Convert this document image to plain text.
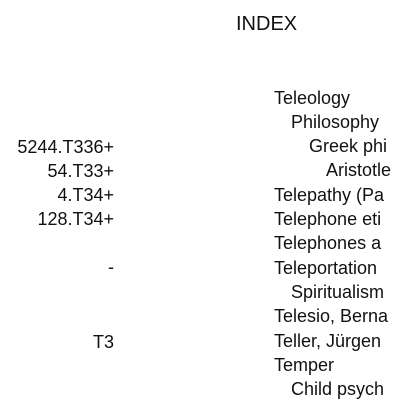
INDEX
5244.T336+
54.T33+
4.T34+
128.T34+
-
T3
Teleology
Philosophy
Greek phi
Aristotle
Telepathy (Pa
Telephone eti
Telephones a
Teleportation
Spiritualism
Telesio, Berna
Teller, Jürgen
Temper
Child psych
